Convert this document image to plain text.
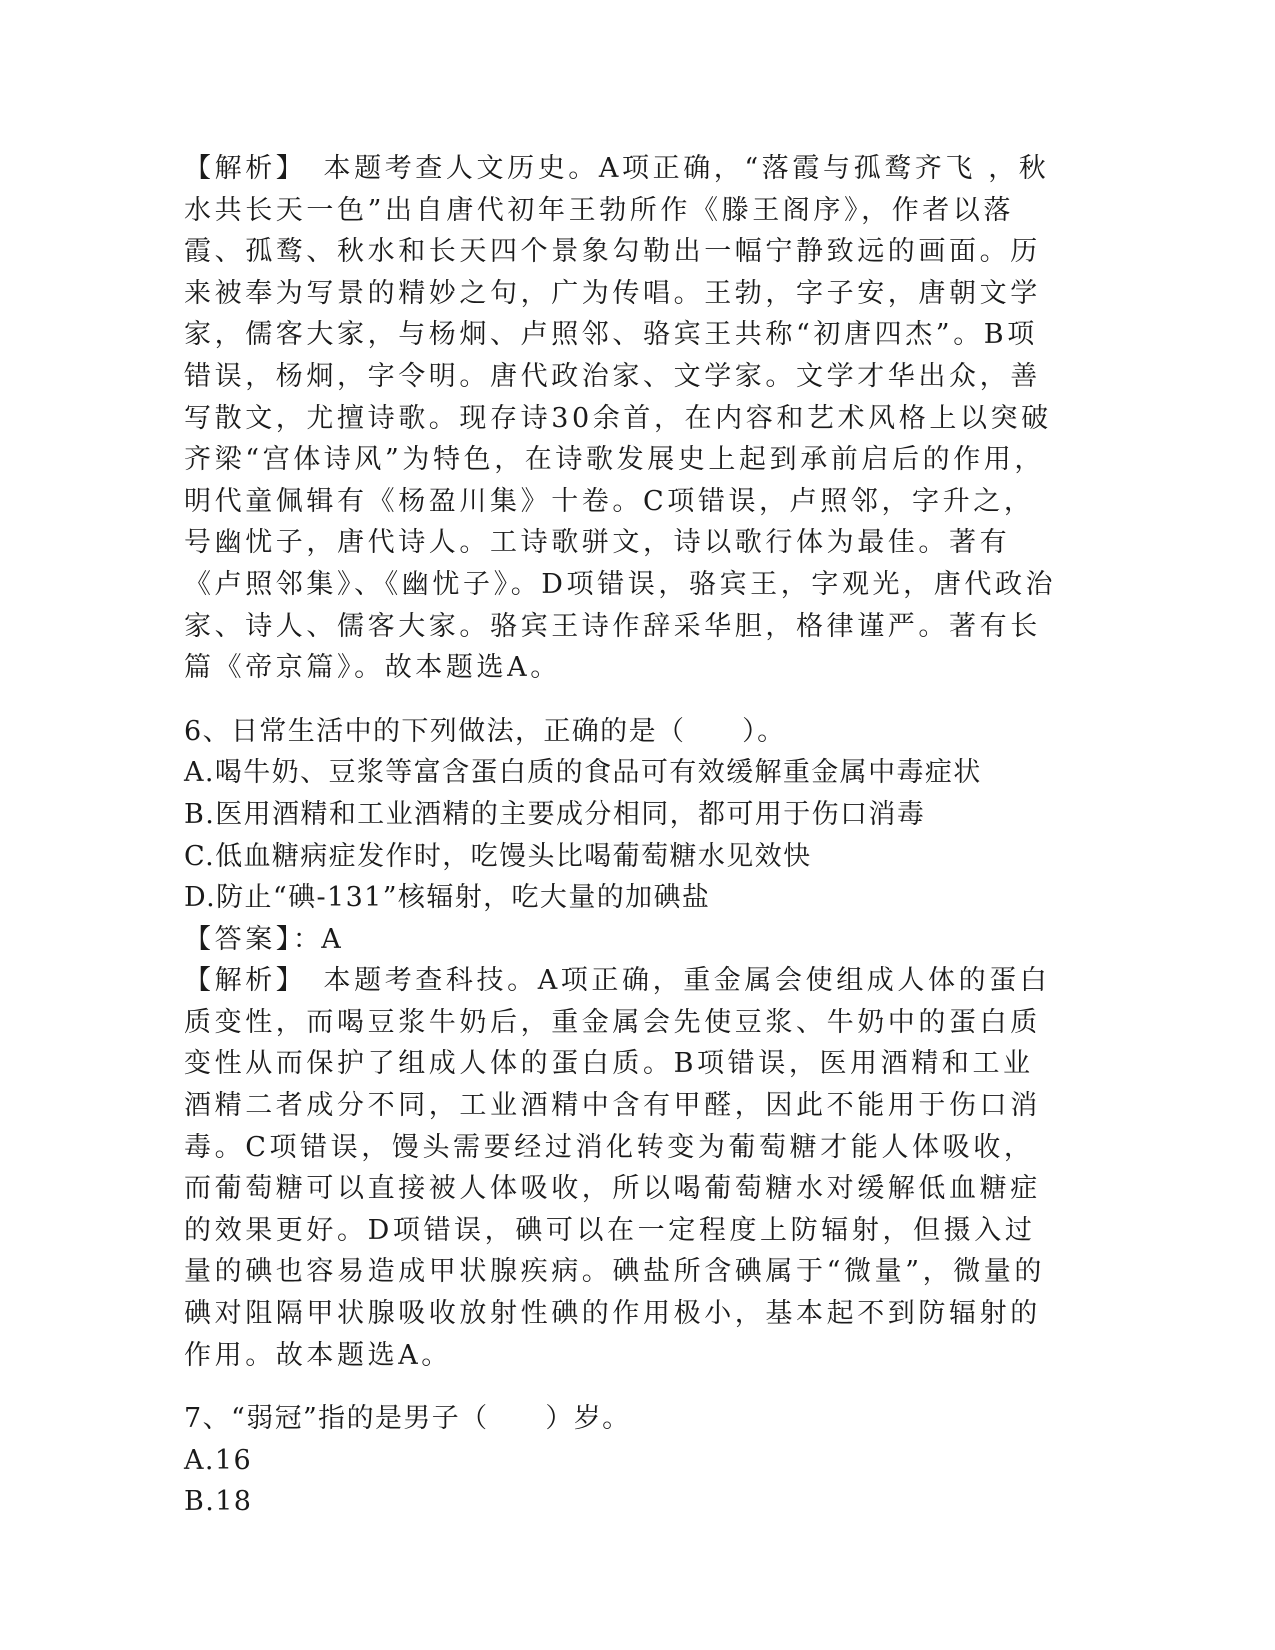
【解析】　本题考查人文历史。A项正确，“落霞与孤鹜齐飞 ，秋水共长天一色”出自唐代初年王勃所作《滕王阁序》，作者以落霞、孤鹜、秋水和长天四个景象勾勒出一幅宁静致远的画面。历来被奉为写景的精妙之句，广为传唱。王勃，字子安，唐朝文学家，儒客大家，与杨炯、卢照邻、骆宾王共称“初唐四杰”。B项错误，杨炯，字令明。唐代政治家、文学家。文学才华出众，善写散文，尤擅诗歌。现存诗30余首，在内容和艺术风格上以突破齐梁“宫体诗风”为特色，在诗歌发展史上起到承前启后的作用，明代童佩辑有《杨盈川集》十卷。C项错误，卢照邻，字升之，号幽忧子，唐代诗人。工诗歌骈文，诗以歌行体为最佳。著有《卢照邻集》、《幽忧子》。D项错误，骆宾王，字观光，唐代政治家、诗人、儒客大家。骆宾王诗作辞采华胆，格律谨严。著有长篇《帝京篇》。故本题选A。

6、日常生活中的下列做法，正确的是（　　）。

A.喝牛奶、豆浆等富含蛋白质的食品可有效缓解重金属中毒症状

B.医用酒精和工业酒精的主要成分相同，都可用于伤口消毒

C.低血糖病症发作时，吃馒头比喝葡萄糖水见效快

D.防止“碘-131”核辐射，吃大量的加碘盐

【答案】：A

【解析】　本题考查科技。A项正确，重金属会使组成人体的蛋白质变性，而喝豆浆牛奶后，重金属会先使豆浆、牛奶中的蛋白质变性从而保护了组成人体的蛋白质。B项错误，医用酒精和工业酒精二者成分不同，工业酒精中含有甲醛，因此不能用于伤口消毒。C项错误，馒头需要经过消化转变为葡萄糖才能人体吸收，而葡萄糖可以直接被人体吸收，所以喝葡萄糖水对缓解低血糖症的效果更好。D项错误，碘可以在一定程度上防辐射，但摄入过量的碘也容易造成甲状腺疾病。碘盐所含碘属于“微量”，微量的碘对阻隔甲状腺吸收放射性碘的作用极小，基本起不到防辐射的作用。故本题选A。

7、“弱冠”指的是男子（　　）岁。

A.16

B.18
